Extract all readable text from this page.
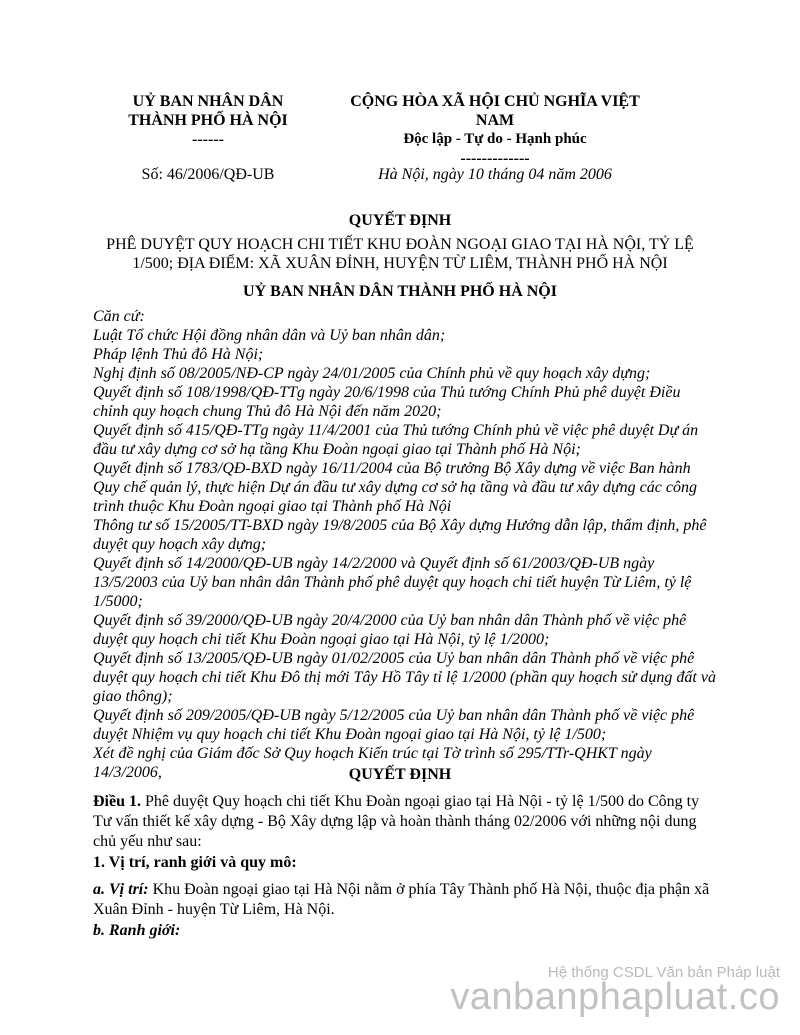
UỶ BAN NHÂN DÂN
THÀNH PHỐ HÀ NỘI
------
CỘNG HÒA XÃ HỘI CHỦ NGHĨA VIỆT
NAM
Độc lập - Tự do - Hạnh phúc
-------------
Số: 46/2006/QĐ-UB	Hà Nội, ngày 10 tháng 04 năm 2006
QUYẾT ĐỊNH
PHÊ DUYỆT QUY HOẠCH CHI TIẾT KHU ĐOÀN NGOẠI GIAO TẠI HÀ NỘI, TỶ LỆ 1/500; ĐỊA ĐIỂM: XÃ XUÂN ĐỈNH, HUYỆN TỪ LIÊM, THÀNH PHỐ HÀ NỘI
UỶ BAN NHÂN DÂN THÀNH PHỐ HÀ NỘI

Căn cứ:

Luật Tổ chức Hội đồng nhân dân và Uỷ ban nhân dân;

Pháp lệnh Thủ đô Hà Nội;

Nghị định số 08/2005/NĐ-CP ngày 24/01/2005 của Chính phủ về quy hoạch xây dựng;

Quyết định số 108/1998/QĐ-TTg ngày 20/6/1998 của Thủ tướng Chính Phủ phê duyệt Điều chỉnh quy hoạch chung Thủ đô Hà Nội đến năm 2020;

Quyết định số 415/QĐ-TTg ngày 11/4/2001 của Thủ tướng Chính phủ về việc phê duyệt Dự án đầu tư xây dựng cơ sở hạ tầng Khu Đoàn ngoại giao tại Thành phố Hà Nội;

Quyết định số 1783/QĐ-BXD ngày 16/11/2004 của Bộ trưởng Bộ Xây dựng về việc Ban hành Quy chế quản lý, thực hiện Dự án đầu tư xây dựng cơ sở hạ tầng và đầu tư xây dựng các công trình thuộc Khu Đoàn ngoại giao tại Thành phố Hà Nội

Thông tư số 15/2005/TT-BXD ngày 19/8/2005 của Bộ Xây dựng Hướng dẫn lập, thẩm định, phê duyệt quy hoạch xây dựng;

Quyết định số 14/2000/QĐ-UB ngày 14/2/2000 và Quyết định số 61/2003/QĐ-UB ngày 13/5/2003 của Uỷ ban nhân dân Thành phố phê duyệt quy hoạch chi tiết huyện Từ Liêm, tỷ lệ 1/5000;

Quyết định số 39/2000/QĐ-UB ngày 20/4/2000 của Uỷ ban nhân dân Thành phố về việc phê duyệt quy hoạch chi tiết Khu Đoàn ngoại giao tại Hà Nội, tỷ lệ 1/2000;

Quyết định số 13/2005/QĐ-UB ngày 01/02/2005 của Uỷ ban nhân dân Thành phố về việc phê duyệt quy hoạch chi tiết Khu Đô thị mới Tây Hồ Tây tỉ lệ 1/2000 (phần quy hoạch sử dụng đất và giao thông);

Quyết định số 209/2005/QĐ-UB ngày 5/12/2005 của Uỷ ban nhân dân Thành phố về việc phê duyệt Nhiệm vụ quy hoạch chi tiết Khu Đoàn ngoại giao tại Hà Nội, tỷ lệ 1/500;

Xét đề nghị của Giám đốc Sở Quy hoạch Kiến trúc tại Tờ trình số 295/TTr-QHKT ngày 14/3/2006,	QUYẾT ĐỊNH

Điều 1. Phê duyệt Quy hoạch chi tiết Khu Đoàn ngoại giao tại Hà Nội - tỷ lệ 1/500 do Công ty Tư vấn thiết kế xây dựng - Bộ Xây dựng lập và hoàn thành tháng 02/2006 với những nội dung chủ yếu như sau:

1. Vị trí, ranh giới và quy mô:

a. Vị trí: Khu Đoàn ngoại giao tại Hà Nội nằm ở phía Tây Thành phố Hà Nội, thuộc địa phận xã Xuân Đỉnh - huyện Từ Liêm, Hà Nội.

b. Ranh giới:
Hệ thống CSDL Văn bản Pháp luật
vanbanphapluat.co
